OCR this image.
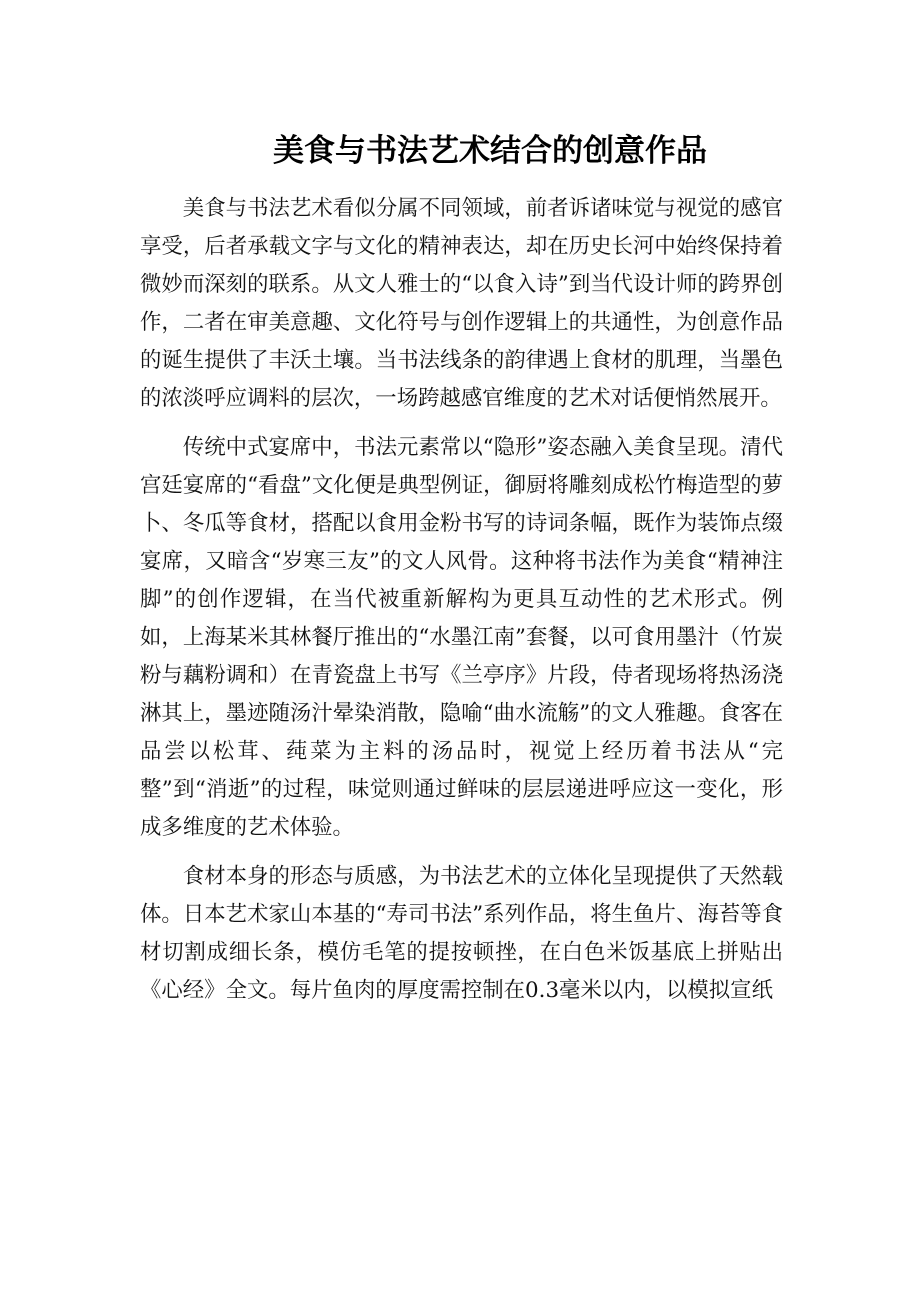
美食与书法艺术结合的创意作品

美食与书法艺术看似分属不同领域，前者诉诸味觉与视觉的感官享受，后者承载文字与文化的精神表达，却在历史长河中始终保持着微妙而深刻的联系。从文人雅士的“以食入诗”到当代设计师的跨界创作，二者在审美意趣、文化符号与创作逻辑上的共通性，为创意作品的诞生提供了丰沃土壤。当书法线条的韵律遇上食材的肌理，当墨色的浓淡呼应调料的层次，一场跨越感官维度的艺术对话便悄然展开。

传统中式宴席中，书法元素常以“隐形”姿态融入美食呈现。清代宫廷宴席的“看盘”文化便是典型例证，御厨将雕刻成松竹梅造型的萝卜、冬瓜等食材，搭配以食用金粉书写的诗词条幅，既作为装饰点缀宴席，又暗含“岁寒三友”的文人风骨。这种将书法作为美食“精神注脚”的创作逻辑，在当代被重新解构为更具互动性的艺术形式。例如，上海某米其林餐厅推出的“水墨江南”套餐，以可食用墨汁（竹炭粉与藕粉调和）在青瓷盘上书写《兰亭序》片段，侍者现场将热汤浇淋其上，墨迹随汤汁晕染消散，隐喻“曲水流觞”的文人雅趣。食客在品尝以松茸、莼菜为主料的汤品时，视觉上经历着书法从“完整”到“消逝”的过程，味觉则通过鲜味的层层递进呼应这一变化，形成多维度的艺术体验。

食材本身的形态与质感，为书法艺术的立体化呈现提供了天然载体。日本艺术家山本基的“寿司书法”系列作品，将生鱼片、海苔等食材切割成细长条，模仿毛笔的提按顿挫，在白色米饭基底上拼贴出《心经》全文。每片鱼肉的厚度需控制在0.3毫米以内，以模拟宣纸
